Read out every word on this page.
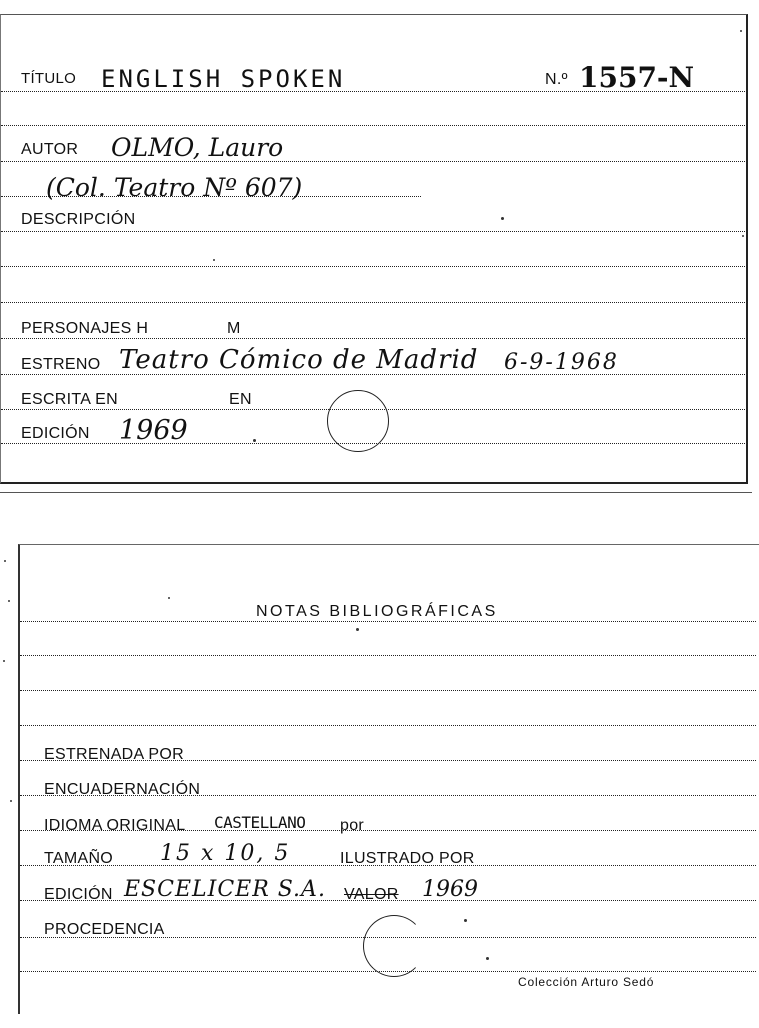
TÍTULO ENGLISH SPOKEN	N.º 1557-N
AUTOR OLMO, Lauro
(Col. Teatro Nº 607)
DESCRIPCIÓN
PERSONAJES H	M
ESTRENO Teatro Cómico de Madrid 6-9-1968
ESCRITA EN	EN
EDICIÓN 1969
NOTAS BIBLIOGRÁFICAS
ESTRENADA POR
ENCUADERNACIÓN
IDIOMA ORIGINAL CASTELLANO por
TAMAÑO 15 x 10, 5	ILUSTRADO POR
EDICIÓN ESCELICER S.A. VALOR 1969
PROCEDENCIA
Colección Arturo Sedó
